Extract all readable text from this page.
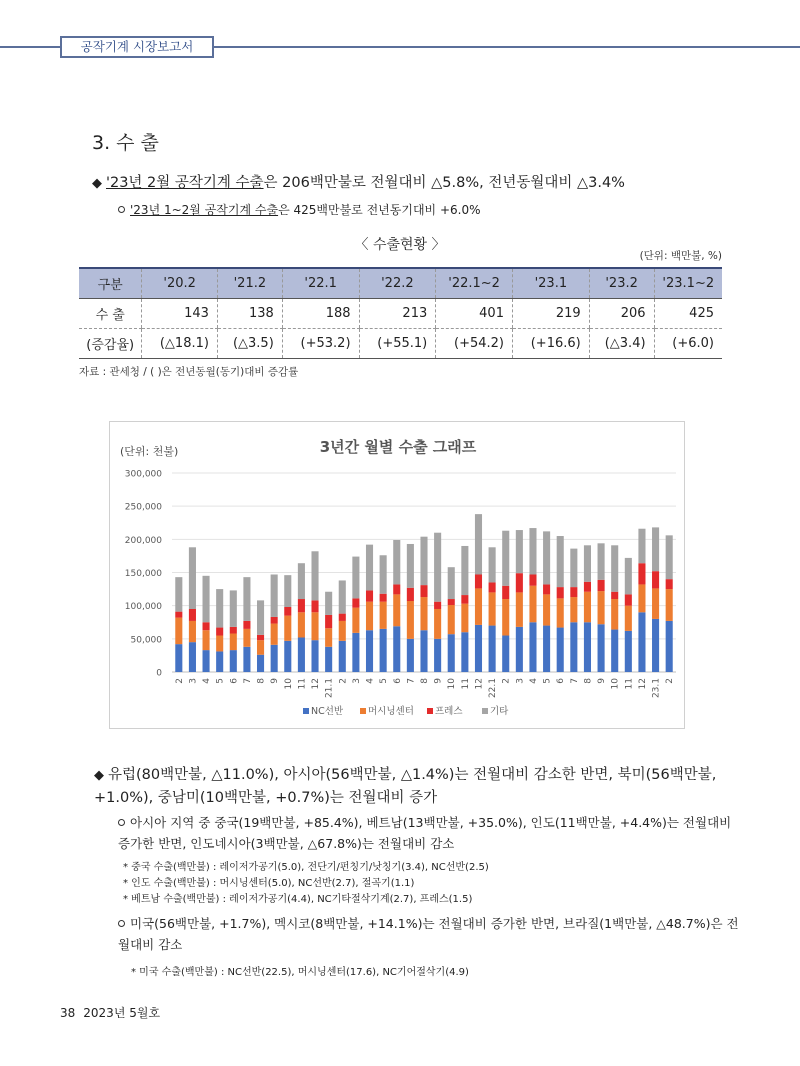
공작기계 시장보고서
3. 수 출
◆ '23년 2월 공작기계 수출은 206백만불로 전월대비 △5.8%, 전년동월대비 △3.4%
'23년 1~2월 공작기계 수출은 425백만불로 전년동기대비 +6.0%
〈 수출현황 〉
(단위: 백만불, %)
구분	'20.2	'21.2	'22.1	'22.2	'22.1~2	'23.1	'23.2	'23.1~2
수 출	143	138	188	213	401	219	206	425
(증감율)	(△18.1)	(△3.5)	(+53.2)	(+55.1)	(+54.2)	(+16.6)	(△3.4)	(+6.0)
자료 : 관세청 / ( )은 전년동월(동기)대비 증감률
(단위: 천불)	3년간 월별 수출 그래프
0
50,000
100,000
150,000
200,000
250,000
300,000
2 3 4 5 6 7 8 9 10 11 12 21.1 2 3 4 5 6 7 8 9 10 11 12 22.1 2 3 4 5 6 7 8 9 10 11 12 23.1 2
NC선반	머시닝센터 프레스	기타
◆ 유럽(80백만불, △11.0%), 아시아(56백만불, △1.4%)는 전월대비 감소한 반면, 북미(56백만불, +1.0%), 중남미(10백만불, +0.7%)는 전월대비 증가
아시아 지역 중 중국(19백만불, +85.4%), 베트남(13백만불, +35.0%), 인도(11백만불, +4.4%)는 전월대비 증가한 반면, 인도네시아(3백만불, △67.8%)는 전월대비 감소
* 중국 수출(백만불) : 레이저가공기(5.0), 전단기/펀칭기/낫칭기(3.4), NC선반(2.5)
* 인도 수출(백만불) : 머시닝센터(5.0), NC선반(2.7), 절곡기(1.1)
* 베트남 수출(백만불) : 레이저가공기(4.4), NC기타절삭기계(2.7), 프레스(1.5)
미국(56백만불, +1.7%), 멕시코(8백만불, +14.1%)는 전월대비 증가한 반면, 브라질(1백만불, △48.7%)은 전월대비 감소
* 미국 수출(백만불) : NC선반(22.5), 머시닝센터(17.6), NC기어절삭기(4.9)
38 2023년 5월호
